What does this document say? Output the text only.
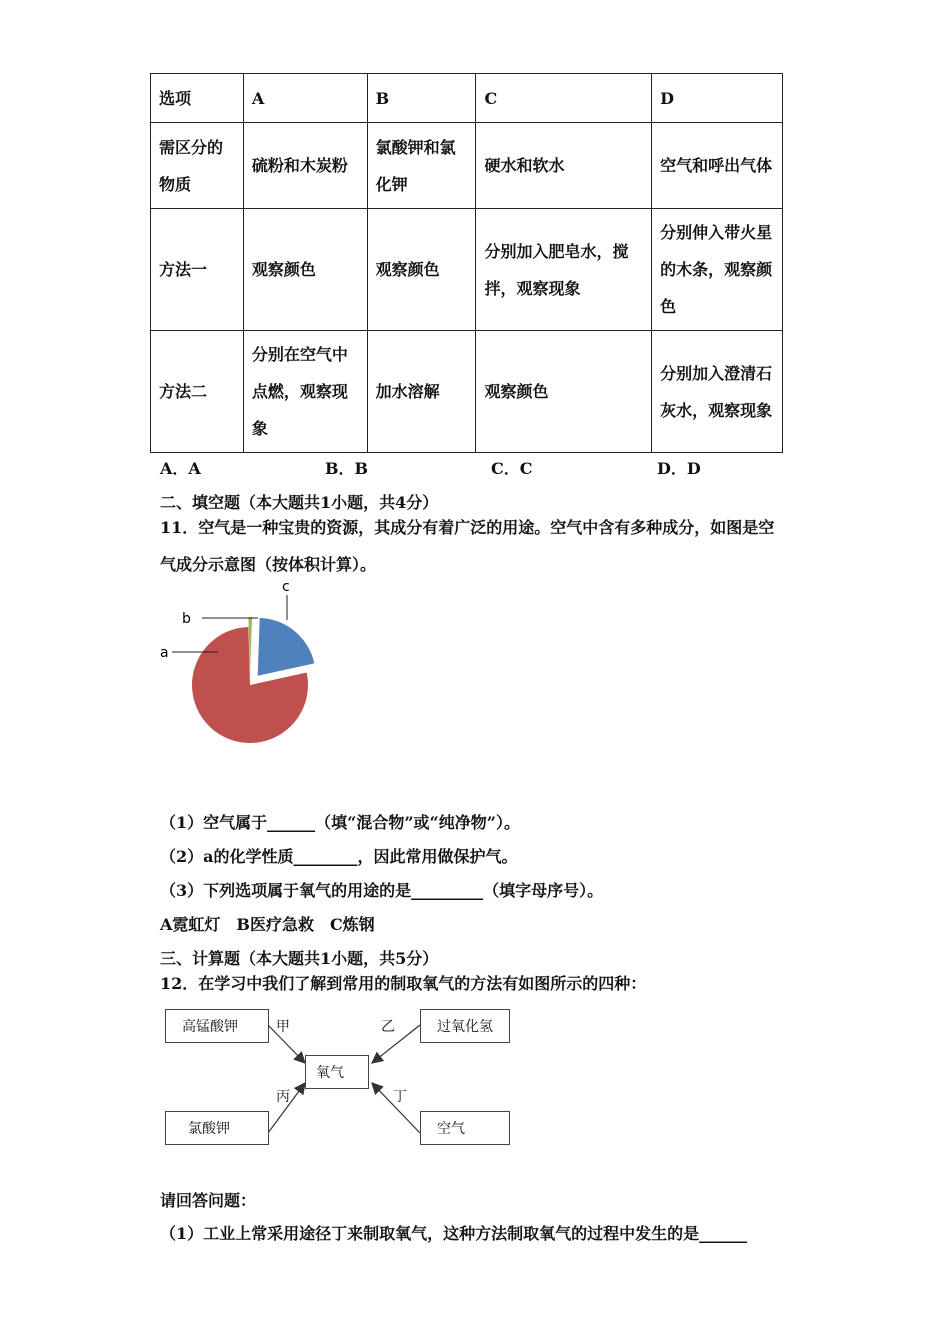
选项	A	B	C	D
需区分的物质	硫粉和木炭粉	氯酸钾和氯化钾	硬水和软水	空气和呼出气体
方法一	观察颜色	观察颜色	分别加入肥皂水，搅拌，观察现象	分别伸入带火星的木条，观察颜色
方法二	分别在空气中点燃，观察现象	加水溶解	观察颜色	分别加入澄清石灰水，观察现象
A．A	B．B	C．C	D．D
二、填空题（本大题共1小题，共4分）
11．空气是一种宝贵的资源，其成分有着广泛的用途。空气中含有多种成分，如图是空
气成分示意图（按体积计算）。
a
b
c
（1）空气属于______（填“混合物”或“纯净物”）。
（2）a的化学性质________，因此常用做保护气。
（3）下列选项属于氧气的用途的是_________（填字母序号）。
A霓虹灯　B医疗急救　C炼钢
三、计算题（本大题共1小题，共5分）
12．在学习中我们了解到常用的制取氧气的方法有如图所示的四种：
高锰酸钾	过氧化氢
氧气
氯酸钾	空气
甲	乙
丙	丁
请回答问题：
（1）工业上常采用途径丁来制取氧气，这种方法制取氧气的过程中发生的是______
